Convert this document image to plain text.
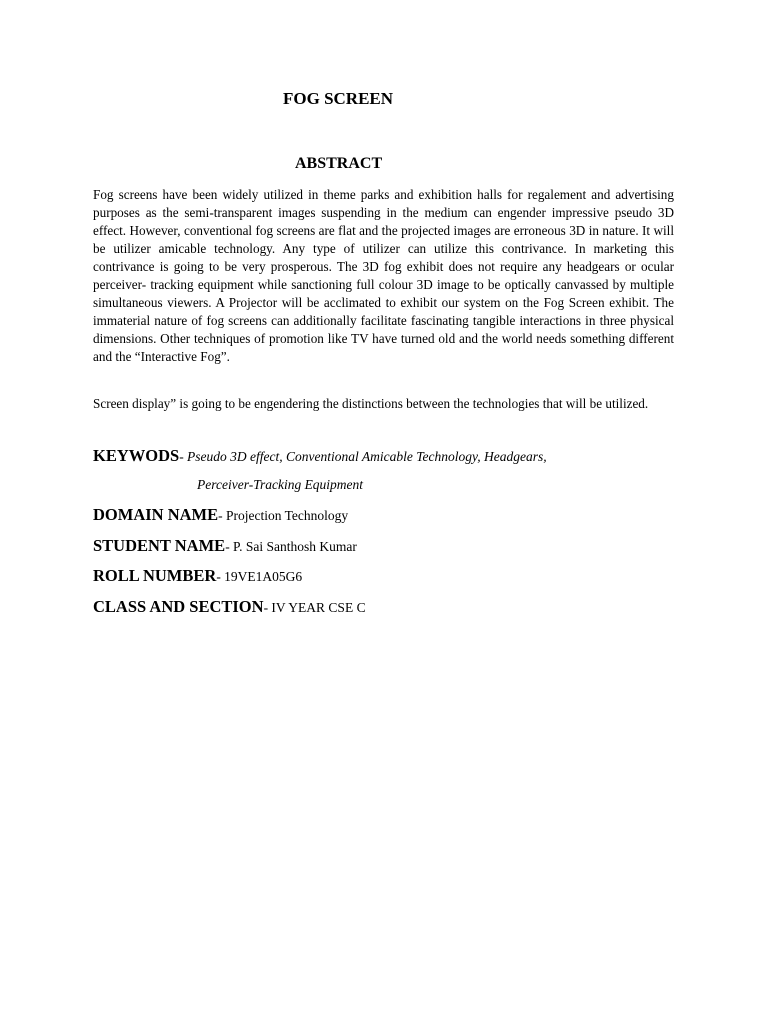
FOG SCREEN
ABSTRACT

Fog screens have been widely utilized in theme parks and exhibition halls for regalement and advertising purposes as the semi-transparent images suspending in the medium can engender impressive pseudo 3D effect. However, conventional fog screens are flat and the projected images are erroneous 3D in nature. It will be utilizer amicable technology. Any type of utilizer can utilize this contrivance. In marketing this contrivance is going to be very prosperous. The 3D fog exhibit does not require any headgears or ocular perceiver- tracking equipment while sanctioning full colour 3D image to be optically canvassed by multiple simultaneous viewers. A Projector will be acclimated to exhibit our system on the Fog Screen exhibit. The immaterial nature of fog screens can additionally facilitate fascinating tangible interactions in three physical dimensions. Other techniques of promotion like TV have turned old and the world needs something different and the “Interactive Fog”.

Screen display” is going to be engendering the distinctions between the technologies that will be utilized.

KEYWODS- Pseudo 3D effect, Conventional Amicable Technology, Headgears,

Perceiver-Tracking Equipment

DOMAIN NAME- Projection Technology

STUDENT NAME- P. Sai Santhosh Kumar

ROLL NUMBER- 19VE1A05G6

CLASS AND SECTION- IV YEAR CSE C
